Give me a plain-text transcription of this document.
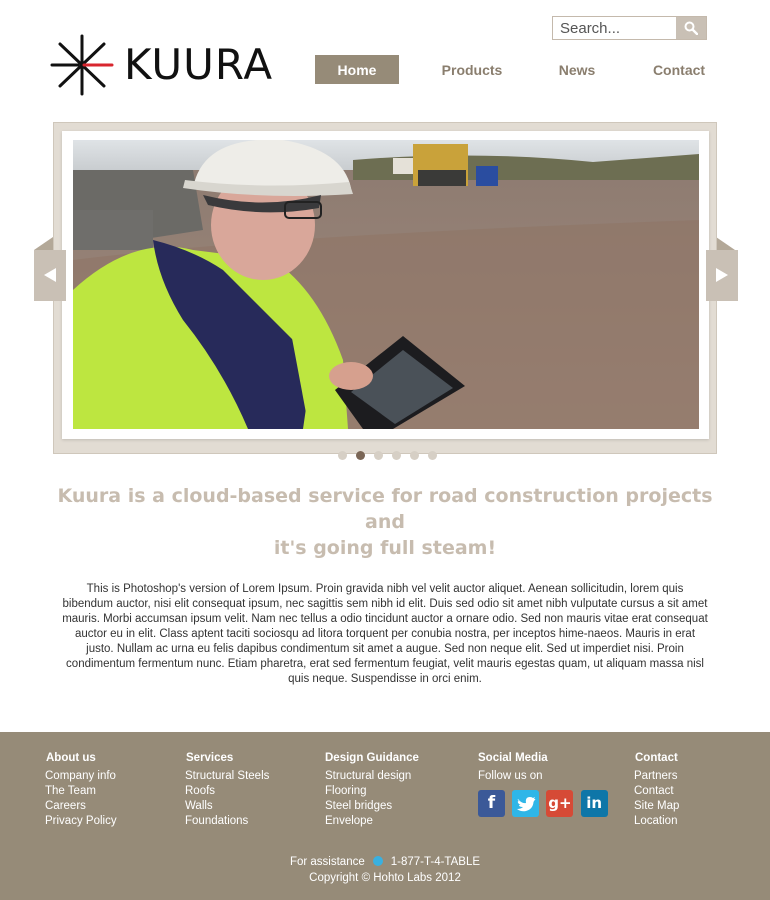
KUURA
Search...	Home	Products	News	Contact
Kuura is a cloud-based service for road construction projects
and
it's going full steam!

This is Photoshop's version of Lorem Ipsum. Proin gravida nibh vel velit auctor aliquet. Aenean sollicitudin, lorem quis bibendum auctor, nisi elit consequat ipsum, nec sagittis sem nibh id elit. Duis sed odio sit amet nibh vulputate cursus a sit amet mauris. Morbi accumsan ipsum velit. Nam nec tellus a odio tincidunt auctor a ornare odio. Sed non mauris vitae erat consequat auctor eu in elit. Class aptent taciti sociosqu ad litora torquent per conubia nostra, per inceptos hime-naeos. Mauris in erat justo. Nullam ac urna eu felis dapibus condimentum sit amet a augue. Sed non neque elit. Sed ut imperdiet nisi. Proin condimentum fermentum nunc. Etiam pharetra, erat sed fermentum feugiat, velit mauris egestas quam, ut aliquam massa nisl quis neque. Suspendisse in orci enim.

About us
Company info
The Team
Careers
Privacy Policy
Services
Structural Steels
Roofs
Walls
Foundations
Design Guidance
Structural design
Flooring
Steel bridges
Envelope
Social Media
Follow us on
f

	g+
in
Contact
Partners
Contact
Site Map
Location
For assistance 1-877-T-4-TABLE
Copyright © Hohto Labs 2012
